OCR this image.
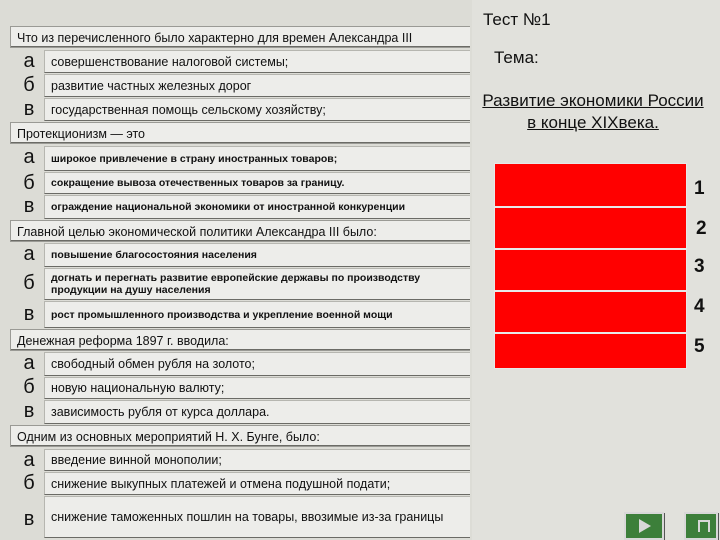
Что из перечисленного было характерно для времен Александра III
а	совершенствование налоговой системы;
б	развитие частных железных дорог
в	государственная помощь сельскому хозяйству;
Протекционизм — это
а	широкое привлечение в страну иностранных товаров;
б	сокращение вывоза отечественных товаров за границу.
в	ограждение национальной экономики от иностранной конкуренции
Главной целью экономической политики Александра III было:
а	повышение благосостояния населения
б	догнать и перегнать развитие европейские державы по производству продукции на душу населения
в	рост промышленного производства и укрепление военной мощи
Денежная реформа 1897 г. вводила:
а	свободный обмен рубля на золото;
б	новую национальную валюту;
в	зависимость рубля от курса доллара.
Одним из основных мероприятий Н. Х. Бунге, было:
а	введение винной монополии;
б	снижение выкупных платежей и отмена подушной подати;
в	снижение таможенных пошлин на товары, ввозимые из-за границы
Тест №1
Тема:
Развитие экономики России в конце XIXвека.
1
2
3
4
5
